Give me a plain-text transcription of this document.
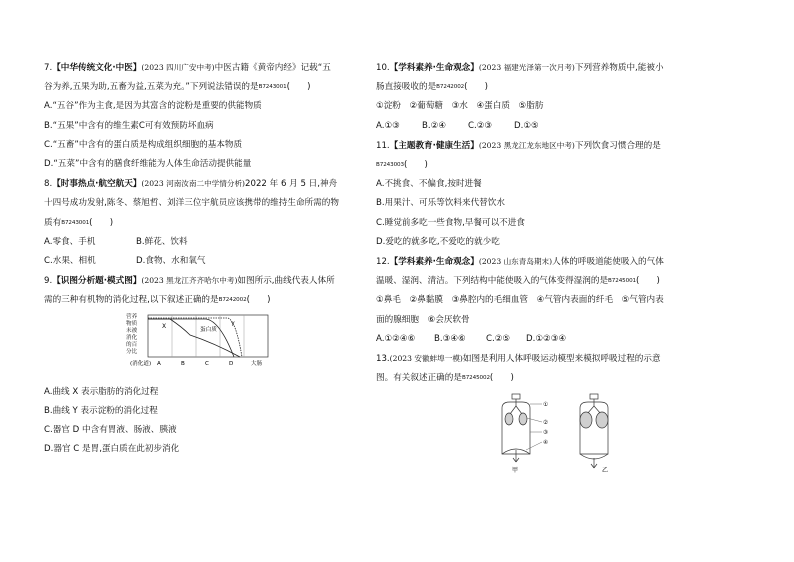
7.【中华传统文化·中医】(2023 四川广安中考)中医古籍《黄帝内经》记载“五

谷为养,五果为助,五畜为益,五菜为充。”下列说法错误的是B7243001(　　)

A.“五谷”作为主食,是因为其富含的淀粉是重要的供能物质

B.“五果”中含有的维生素C可有效预防坏血病

C.“五畜”中含有的蛋白质是构成组织细胞的基本物质

D.“五菜”中含有的膳食纤维能为人体生命活动提供能量

8.【时事热点·航空航天】(2023 河南汝南二中学情分析)2022 年 6 月 5 日,神舟

十四号成功发射,陈冬、蔡旭哲、刘洋三位宇航员应该携带的维持生命所需的物

质有B7243001(　　)

A.零食、手机	B.鲜花、饮料

C.水果、相机	D.食物、水和氧气

9.【识图分析题·模式图】(2023 黑龙江齐齐哈尔中考)如图所示,曲线代表人体所

需的三种有机物的消化过程,以下叙述正确的是B7242002(　　)

营养
物质
未被
消化
的百
分比
X	Y
蛋白质
(消化道) A	B	C	D	大肠

A.曲线 X 表示脂肪的消化过程

B.曲线 Y 表示淀粉的消化过程

C.器官 D 中含有胃液、肠液、胰液

D.器官 C 是胃,蛋白质在此初步消化

10.【学科素养·生命观念】(2023 福建光泽第一次月考)下列营养物质中,能被小

肠直接吸收的是B7242002(　　)

①淀粉　②葡萄糖　③水　④蛋白质　⑤脂肪

A.①③	B.②④	C.②③	D.①⑤

11.【主题教育·健康生活】(2023 黑龙江龙东地区中考)下列饮食习惯合理的是

B7243003(　　)

A.不挑食、不偏食,按时进餐

B.用果汁、可乐等饮料来代替饮水

C.睡觉前多吃一些食物,早餐可以不进食

D.爱吃的就多吃,不爱吃的就少吃

12.【学科素养·生命观念】(2023 山东青岛期末)人体的呼吸道能使吸入的气体

温暖、湿润、清洁。下列结构中能使吸入的气体变得湿润的是B7245001(　　)

①鼻毛　②鼻黏膜　③鼻腔内的毛细血管　④气管内表面的纤毛　⑤气管内表

面的腺细胞　⑥会厌软骨

A.①②④⑥ B.③④⑥ C.②⑤ D.①②③④

13.(2023 安徽蚌埠一模)如图是利用人体呼吸运动模型来模拟呼吸过程的示意

图。有关叙述正确的是B7245002(　　)

①
②
③
④
甲	乙
